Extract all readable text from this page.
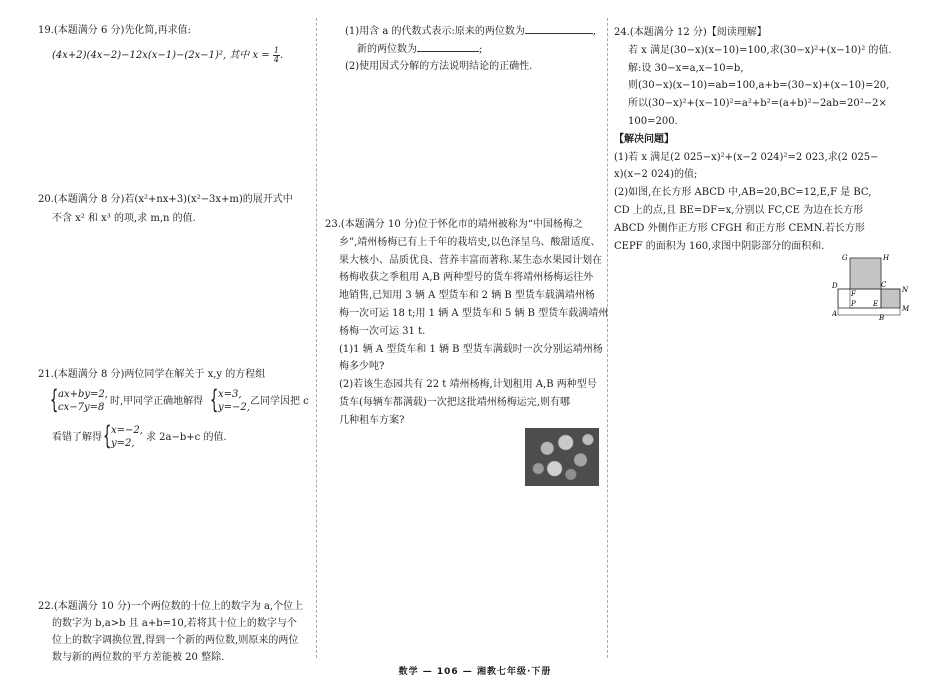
19.(本题满分 6 分)先化简,再求值:
(4x+2)(4x−2)−12x(x−1)−(2x−1)², 其中 $x = \frac{1}{4}$ .
20.(本题满分 8 分)若(x²+nx+3)(x²−3x+m)的展开式中
不含 x² 和 x³ 的项,求 m,n 的值.
21.(本题满分 8 分)两位同学在解关于 x,y 的方程组
{ ax+by=2,
cx−7y=8
时,甲同学正确地解得 { x=3,
y=−2,
乙同学因把 c
看错了解得 { x=−2,
y=2,
求 2a−b+c 的值.
22.(本题满分 10 分)一个两位数的十位上的数字为 a,个位上
的数字为 b,a>b 且 a+b=10,若将其十位上的数字与个
位上的数字调换位置,得到一个新的两位数,则原来的两位
数与新的两位数的平方差能被 20 整除.
(1)用含 a 的代数式表示:原来的两位数为	,
新的两位数为	;
(2)使用因式分解的方法说明结论的正确性.
23.(本题满分 10 分)位于怀化市的靖州被称为“中国杨梅之
乡”,靖州杨梅已有上千年的栽培史,以色泽呈乌、酸甜适度、
果大核小、品质优良、营养丰富而著称.某生态水果园计划在
杨梅收获之季租用 A,B 两种型号的货车将靖州杨梅运往外
地销售,已知用 3 辆 A 型货车和 2 辆 B 型货车载满靖州杨
梅一次可运 18 t;用 1 辆 A 型货车和 5 辆 B 型货车载满靖州
杨梅一次可运 31 t.
(1)1 辆 A 型货车和 1 辆 B 型货车满载时一次分别运靖州杨
梅多少吨?
(2)若该生态园共有 22 t 靖州杨梅,计划租用 A,B 两种型号
货车(每辆车都满载)一次把这批靖州杨梅运完,则有哪
几种租车方案?
24.(本题满分 12 分)【阅读理解】
若 x 满足(30−x)(x−10)=100,求(30−x)²+(x−10)² 的值.
解:设 30−x=a,x−10=b,
则(30−x)(x−10)=ab=100,a+b=(30−x)+(x−10)=20,
所以(30−x)²+(x−10)²=a²+b²=(a+b)²−2ab=20²−2×
100=200.
【解决问题】
(1)若 x 满足(2 025−x)²+(x−2 024)²=2 023,求(2 025−
x)(x−2 024)的值;
(2)如图,在长方形 ABCD 中,AB=20,BC=12,E,F 是 BC,
CD 上的点,且 BE=DF=x,分别以 FC,CE 为边在长方形
ABCD 外侧作正方形 CFGH 和正方形 CEMN.若长方形
CEPF 的面积为 160,求图中阴影部分的面积和.
G	H
D	C
N
F
P E
M
A	B
数学 — 106 — 湘教七年级·下册
